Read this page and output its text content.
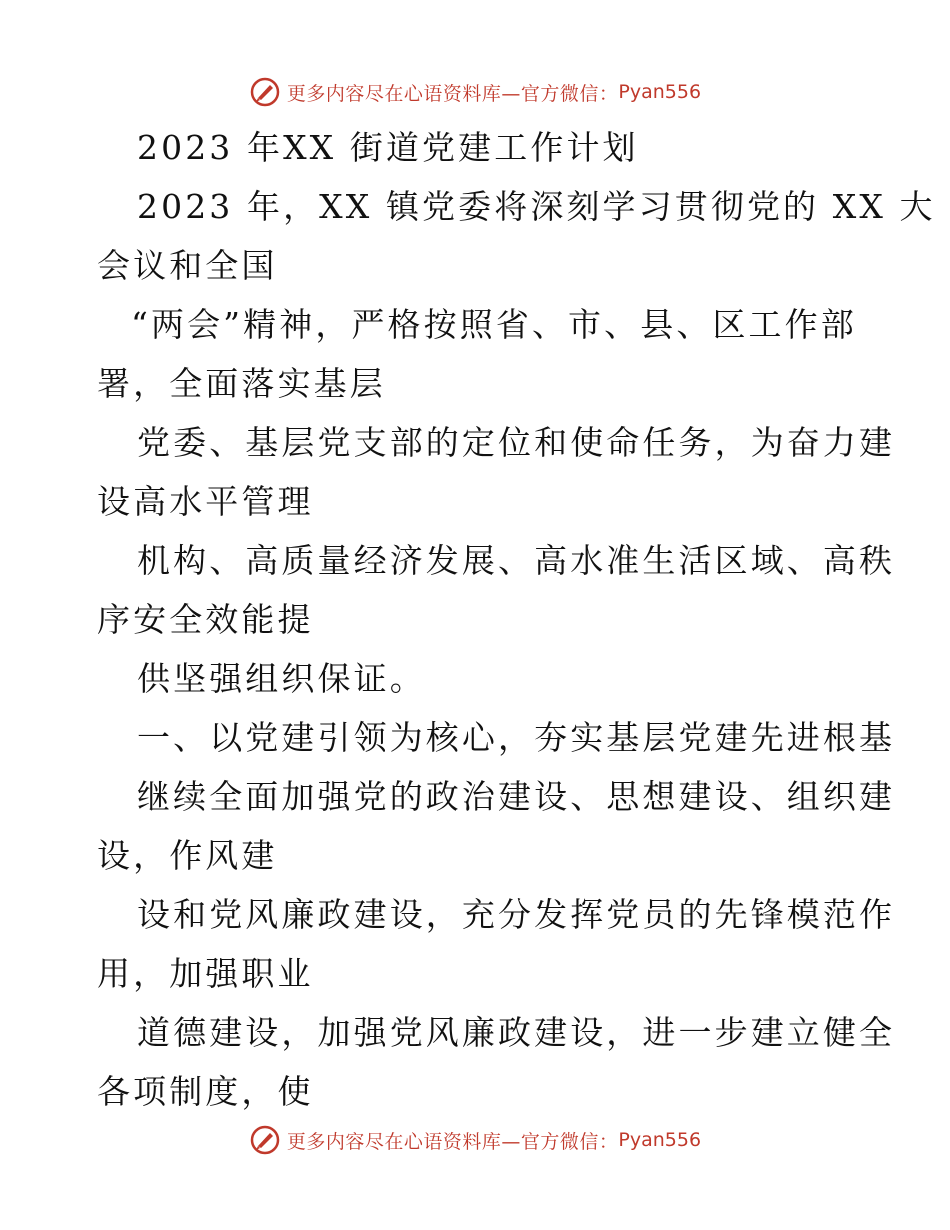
更多内容尽在心语资料库—官方微信： Pyan556
2023 年XX 街道党建工作计划
2023 年，XX 镇党委将深刻学习贯彻党的 XX 大
会议和全国
“两会”精神，严格按照省、市、县、区工作部
署，全面落实基层
党委、基层党支部的定位和使命任务，为奋力建
设高水平管理
机构、高质量经济发展、高水准生活区域、高秩
序安全效能提
供坚强组织保证。
一、以党建引领为核心，夯实基层党建先进根基
继续全面加强党的政治建设、思想建设、组织建
设，作风建
设和党风廉政建设，充分发挥党员的先锋模范作
用，加强职业
道德建设，加强党风廉政建设，进一步建立健全
各项制度，使
更多内容尽在心语资料库—官方微信： Pyan556
